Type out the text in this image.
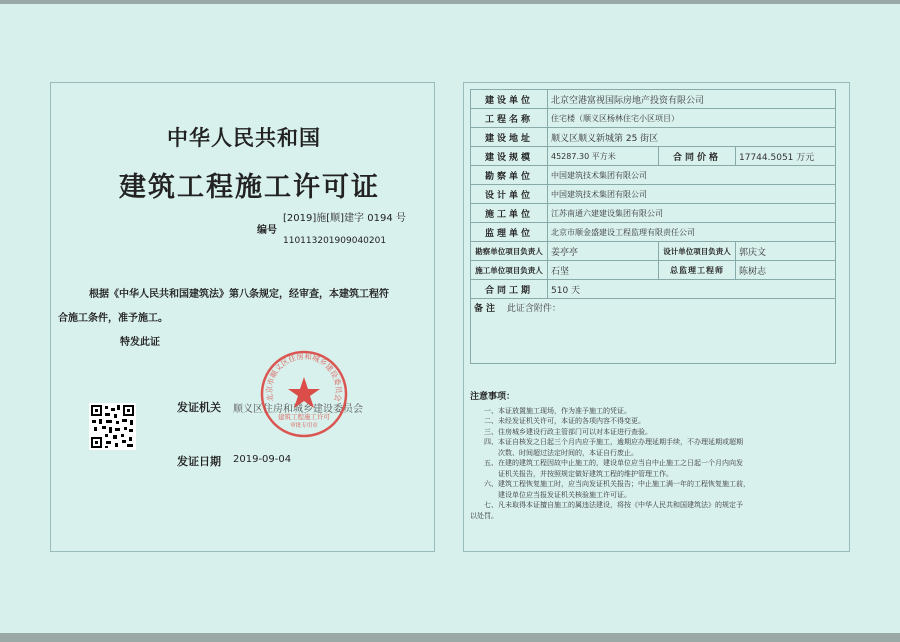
中华人民共和国
建筑工程施工许可证
[2019]施[顺]建字 0194 号
编号
110113201909040201
根据《中华人民共和国建筑法》第八条规定，经审查，本建筑工程符
合施工条件，准予施工。
特发此证
发证机关 顺义区住房和城乡建设委员会
北京市顺义区住房和城乡建设委员会
建筑工程施工许可
审批专用章
发证日期 2019-09-04
建设单位	北京空港富视国际房地产投资有限公司		
工程名称	住宅楼（顺义区杨林住宅小区项目）		
建设地址	顺义区顺义新城第 25 街区		
建设规模	45287.30 平方米	合同价格	17744.5051 万元
勘察单位	中国建筑技术集团有限公司		
设计单位	中国建筑技术集团有限公司		
施工单位	江苏南通六建建设集团有限公司		
监理单位	北京市顺金盛建设工程监理有限责任公司		
勘察单位项目负责人	姜亭亭	设计单位项目负责人	郭庆文
施工单位项目负责人	石坚	总监理工程师	陈树志
合同工期	510 天		
备注 此证含附件：			
注意事项：
一、本证放置施工现场，作为准予施工的凭证。
二、未经发证机关许可，本证的各项内容不得变更。
三、住房城乡建设行政主管部门可以对本证进行查验。
四、本证自核发之日起三个月内应予施工，逾期应办理延期手续，不办理延期或超期
次数、时间超过法定时间的，本证自行废止。
五、在建的建筑工程因故中止施工的，建设单位应当自中止施工之日起一个月内向发
证机关报告，并按照规定做好建筑工程的维护管理工作。
六、建筑工程恢复施工时，应当向发证机关报告；中止施工满一年的工程恢复施工前，
建设单位应当报发证机关核验施工许可证。
七、凡未取得本证擅自施工的属违法建设，将按《中华人民共和国建筑法》的规定予
以处罚。
